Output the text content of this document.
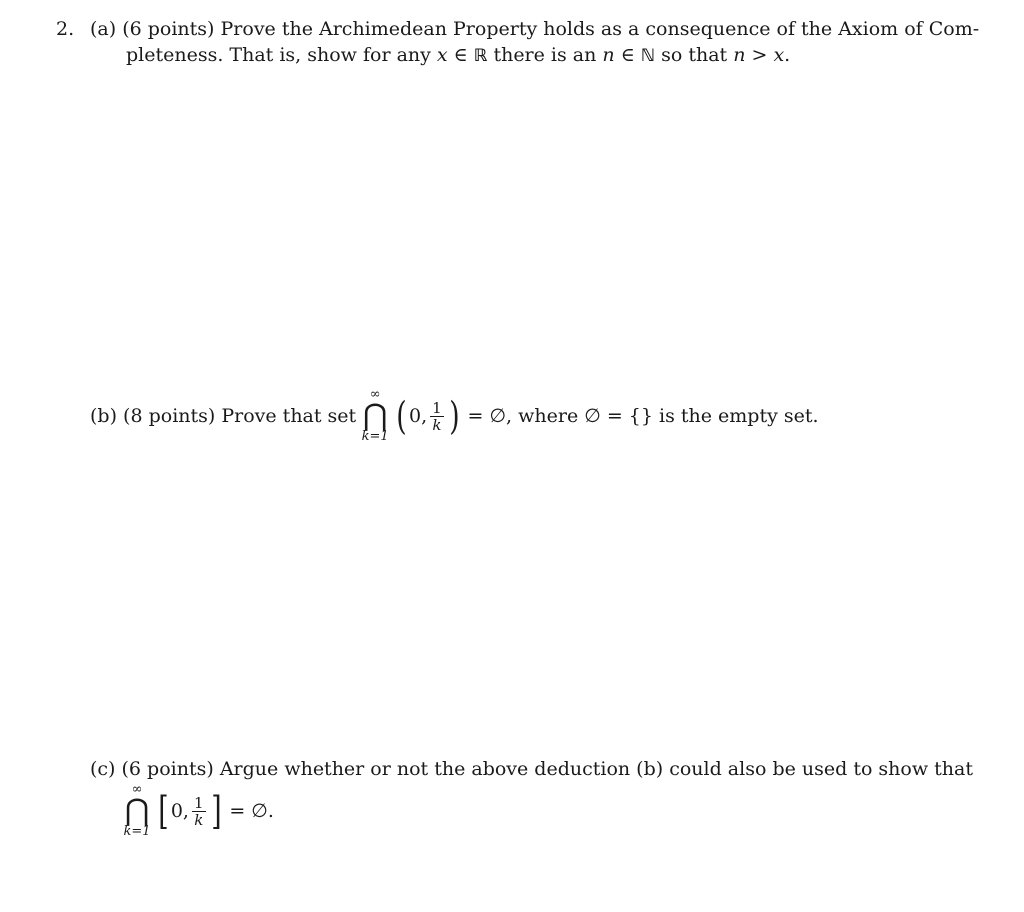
2. (a) (6 points) Prove the Archimedean Property holds as a consequence of the Axiom of Com-
pleteness. That is, show for any x ∈ ℝ there is an n ∈ ℕ so that n > x.
(b)
(8 points)
Prove that set
∞
⋂
k=1 ( 0, $\frac{1}{k}$ ) = ∅, where ∅ = {} is the empty set.
(c) (6 points) Argue whether or not the above deduction (b) could also be used to show that
∞
⋂
k=1 [ 0, $\frac{1}{k}$ ] = ∅.
